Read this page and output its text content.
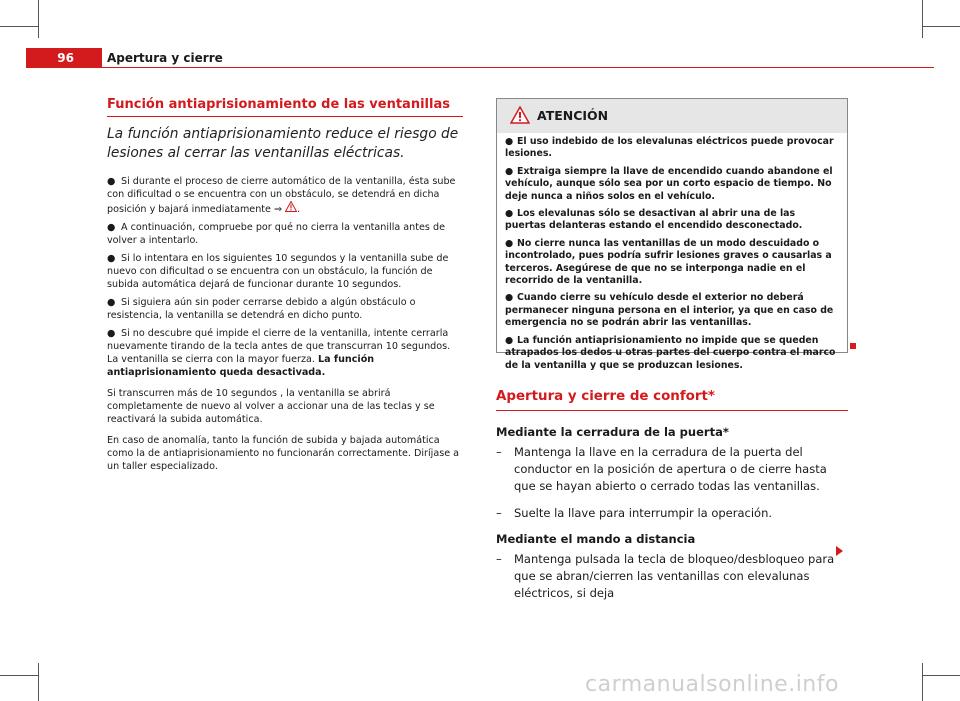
96	Apertura y cierre
Función antiaprisionamiento de las ventanillas

La función antiaprisionamiento reduce el riesgo de lesiones al cerrar las ventanillas eléctricas.

● Si durante el proceso de cierre automático de la ventanilla, ésta sube con dificultad o se encuentra con un obstáculo, se detendrá en dicha posición y bajará inmediatamente ⇒ .

● A continuación, compruebe por qué no cierra la ventanilla antes de volver a intentarlo.

● Si lo intentara en los siguientes 10 segundos y la ventanilla sube de nuevo con dificultad o se encuentra con un obstáculo, la función de subida automática dejará de funcionar durante 10 segundos.

● Si siguiera aún sin poder cerrarse debido a algún obstáculo o resistencia, la ventanilla se detendrá en dicho punto.

● Si no descubre qué impide el cierre de la ventanilla, intente cerrarla nuevamente tirando de la tecla antes de que transcurran 10 segundos. La ventanilla se cierra con la mayor fuerza. La función antiaprisionamiento queda desactivada.

Si transcurren más de 10 segundos , la ventanilla se abrirá completamente de nuevo al volver a accionar una de las teclas y se reactivará la subida automática.

En caso de anomalía, tanto la función de subida y bajada automática como la de antiaprisionamiento no funcionarán correctamente. Diríjase a un taller especializado.

ATENCIÓN

● El uso indebido de los elevalunas eléctricos puede provocar lesiones.

● Extraiga siempre la llave de encendido cuando abandone el vehículo, aunque sólo sea por un corto espacio de tiempo. No deje nunca a niños solos en el vehículo.

● Los elevalunas sólo se desactivan al abrir una de las puertas delanteras estando el encendido desconectado.

● No cierre nunca las ventanillas de un modo descuidado o incontrolado, pues podría sufrir lesiones graves o causarlas a terceros. Asegúrese de que no se interponga nadie en el recorrido de la ventanilla.

● Cuando cierre su vehículo desde el exterior no deberá permanecer ninguna persona en el interior, ya que en caso de emergencia no se podrán abrir las ventanillas.

● La función antiaprisionamiento no impide que se queden atrapados los dedos u otras partes del cuerpo contra el marco de la ventanilla y que se produzcan lesiones.

Apertura y cierre de confort*
Mediante la cerradura de la puerta*
– Mantenga la llave en la cerradura de la puerta del conductor en la posición de apertura o de cierre hasta que se hayan abierto o cerrado todas las ventanillas.
– Suelte la llave para interrumpir la operación.
Mediante el mando a distancia
– Mantenga pulsada la tecla de bloqueo/desbloqueo para que se abran/cierren las ventanillas con elevalunas eléctricos, si deja
carmanualsonline.info
